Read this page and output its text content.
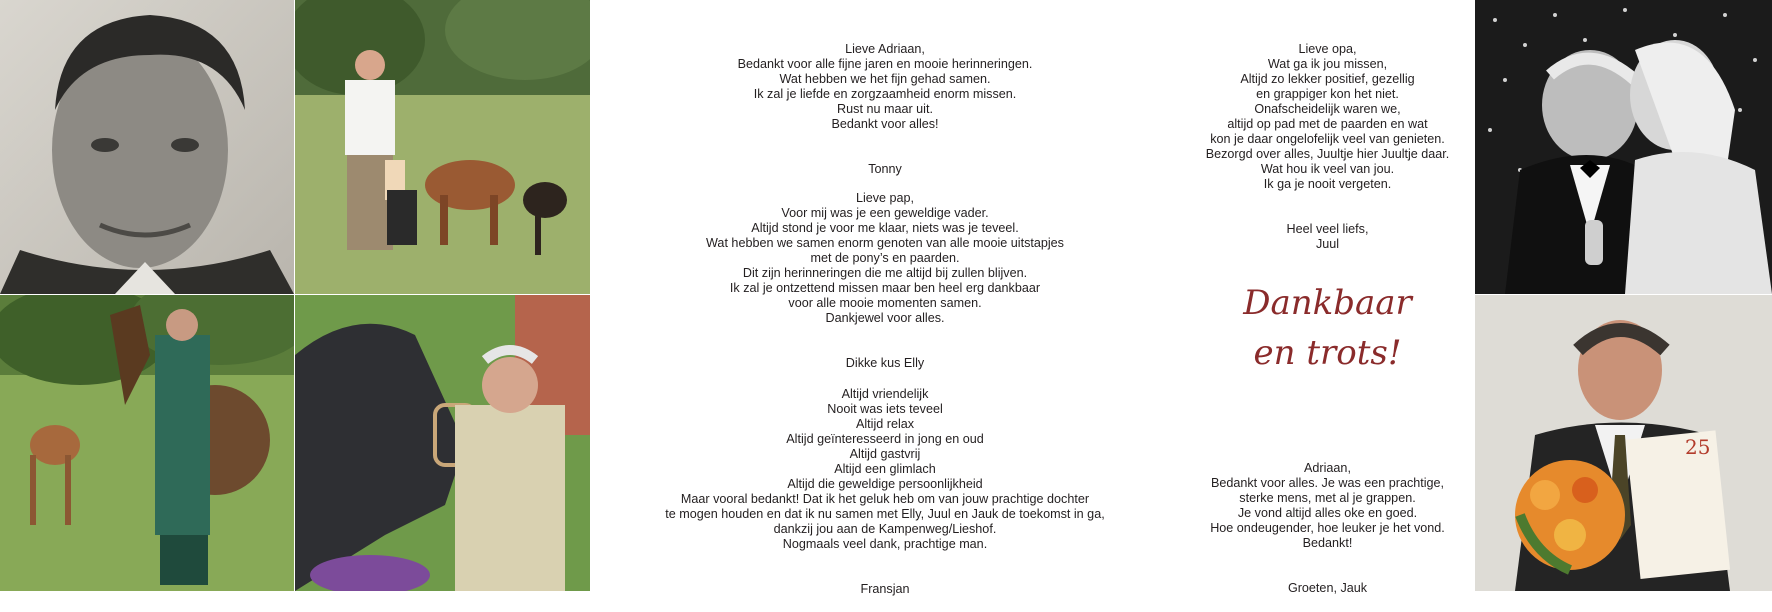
25

Lieve Adriaan,
Bedankt voor alle fijne jaren en mooie herinneringen.
Wat hebben we het fijn gehad samen.
Ik zal je liefde en zorgzaamheid enorm missen.
Rust nu maar uit.
Bedankt voor alles!

Tonny

Lieve pap,
Voor mij was je een geweldige vader.
Altijd stond je voor me klaar, niets was je teveel.
Wat hebben we samen enorm genoten van alle mooie uitstapjes
met de pony’s en paarden.
Dit zijn herinneringen die me altijd bij zullen blijven.
Ik zal je ontzettend missen maar ben heel erg dankbaar
voor alle mooie momenten samen.
Dankjewel voor alles.

Dikke kus Elly

Altijd vriendelijk
Nooit was iets teveel
Altijd relax
Altijd geïnteresseerd in jong en oud
Altijd gastvrij
Altijd een glimlach
Altijd die geweldige persoonlijkheid
Maar vooral bedankt! Dat ik het geluk heb om van jouw prachtige dochter
te mogen houden en dat ik nu samen met Elly, Juul en Jauk de toekomst in ga,
dankzij jou aan de Kampenweg/Lieshof.
Nogmaals veel dank, prachtige man.

Fransjan

Lieve opa,
Wat ga ik jou missen,
Altijd zo lekker positief, gezellig
en grappiger kon het niet.
Onafscheidelijk waren we,
altijd op pad met de paarden en wat
kon je daar ongelofelijk veel van genieten.
Bezorgd over alles, Juultje hier Juultje daar.
Wat hou ik veel van jou.
Ik ga je nooit vergeten.

Heel veel liefs,
Juul

Dankbaar
en trots!

Adriaan,
Bedankt voor alles. Je was een prachtige,
sterke mens, met al je grappen.
Je vond altijd alles oke en goed.
Hoe ondeugender, hoe leuker je het vond.
Bedankt!

Groeten, Jauk
